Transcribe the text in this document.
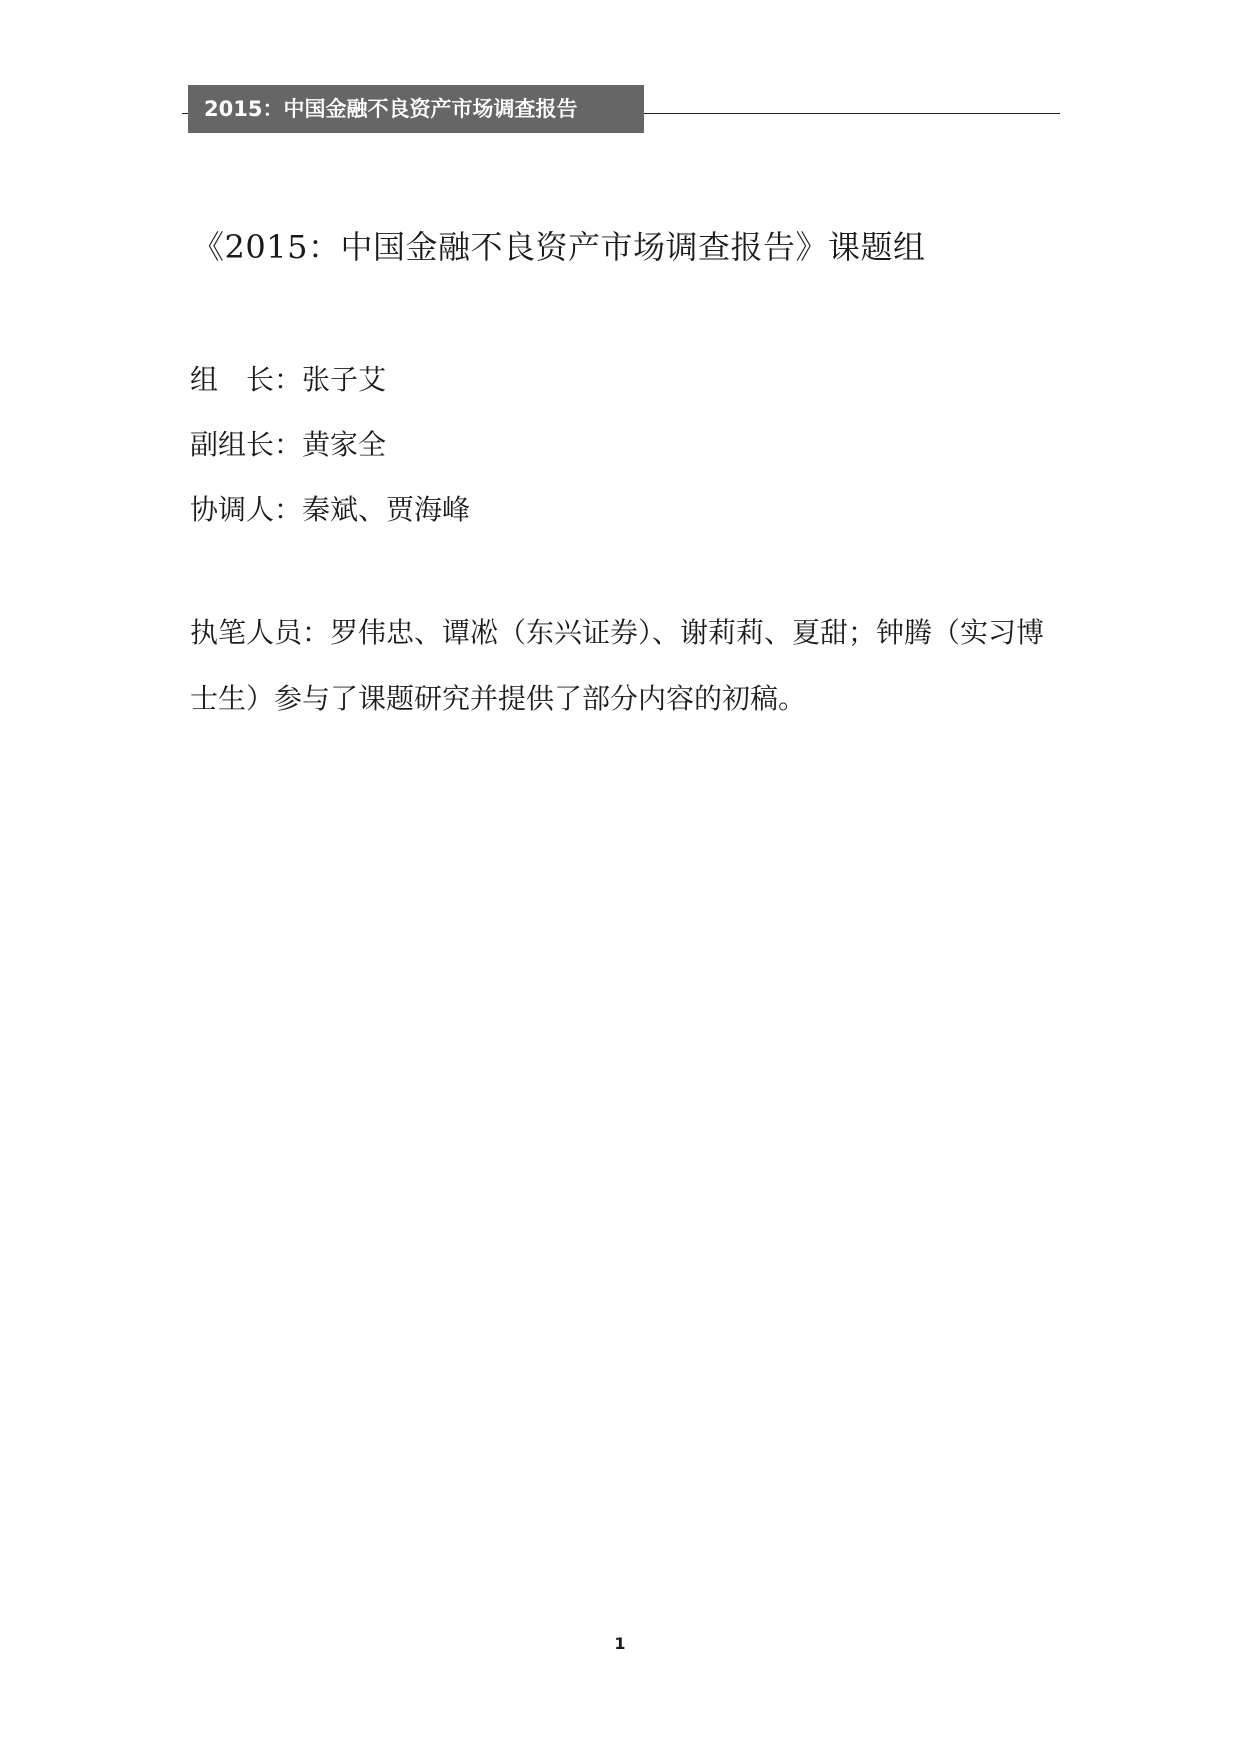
2015：中国金融不良资产市场调查报告
《2015：中国金融不良资产市场调查报告》课题组
组　长：张子艾
副组长：黄家全
协调人：秦斌、贾海峰
执笔人员：罗伟忠、谭凇（东兴证券）、谢莉莉、夏甜；钟腾（实习博士生）参与了课题研究并提供了部分内容的初稿。
1
